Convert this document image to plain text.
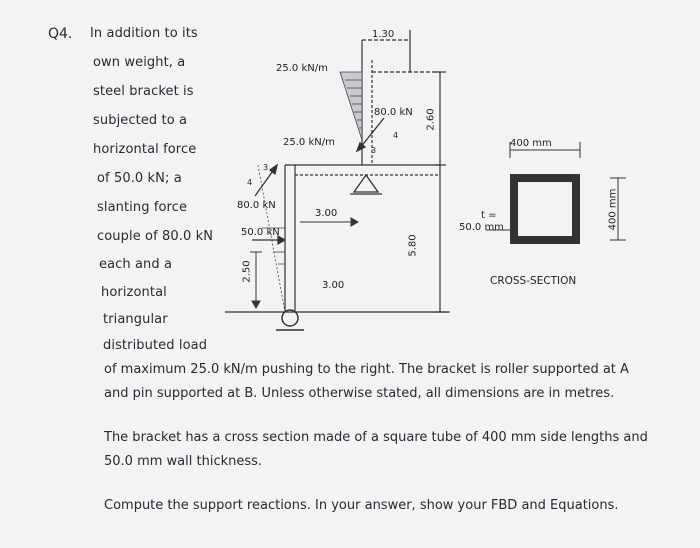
Q4. In addition to its
own weight, a
steel bracket is
subjected to a
horizontal force
of 50.0 kN; a
slanting force
couple of 80.0 kN
each and a
horizontal
triangular
distributed load
of maximum 25.0 kN/m pushing to the right. The bracket is roller supported at A
and pin supported at B. Unless otherwise stated, all dimensions are in metres.
The bracket has a cross section made of a square tube of 400 mm side lengths and
50.0 mm wall thickness.
Compute the support reactions. In your answer, show your FBD and Equations.
1.30
25.0 kN/m
80.0 kN 2.60
25.0 kN/m
80.0 kN
3.00
50.0 kN
5.80
2.50
3.00
3
4
4
3
400 mm
400 mm
t =
50.0 mm
CROSS-SECTION
